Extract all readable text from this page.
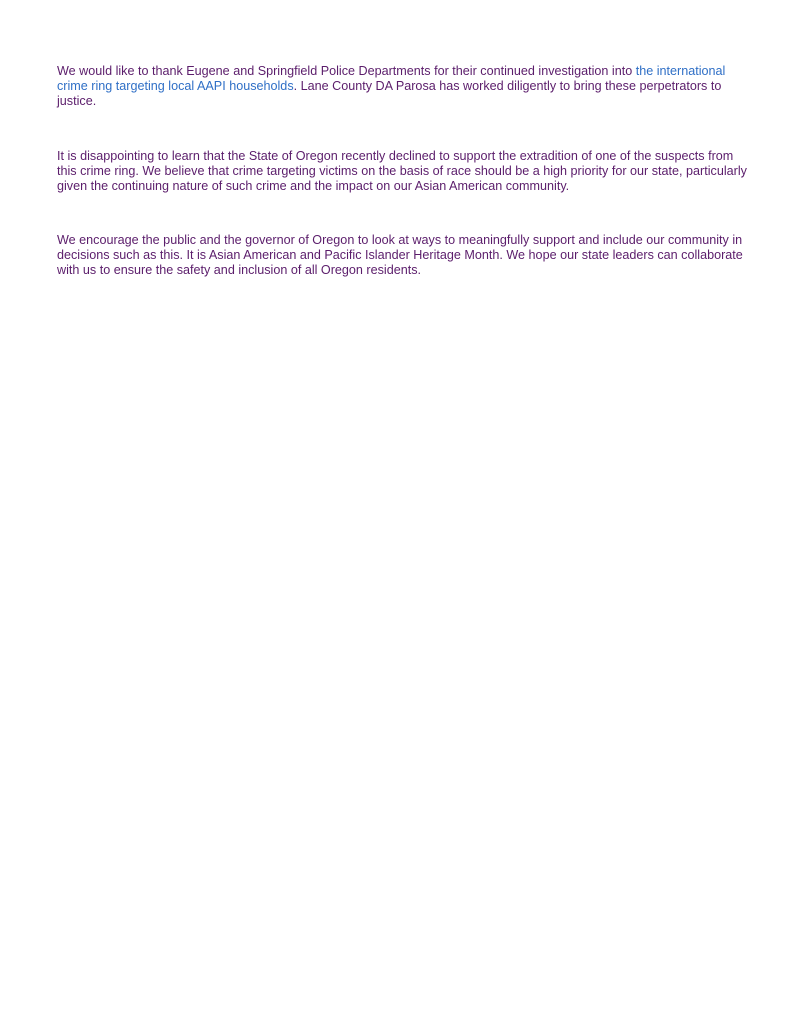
We would like to thank Eugene and Springfield Police Departments for their continued investigation into the international crime ring targeting local AAPI households. Lane County DA Parosa has worked diligently to bring these perpetrators to justice.

It is disappointing to learn that the State of Oregon recently declined to support the extradition of one of the suspects from this crime ring. We believe that crime targeting victims on the basis of race should be a high priority for our state, particularly given the continuing nature of such crime and the impact on our Asian American community.

We encourage the public and the governor of Oregon to look at ways to meaningfully support and include our community in decisions such as this. It is Asian American and Pacific Islander Heritage Month. We hope our state leaders can collaborate with us to ensure the safety and inclusion of all Oregon residents.
